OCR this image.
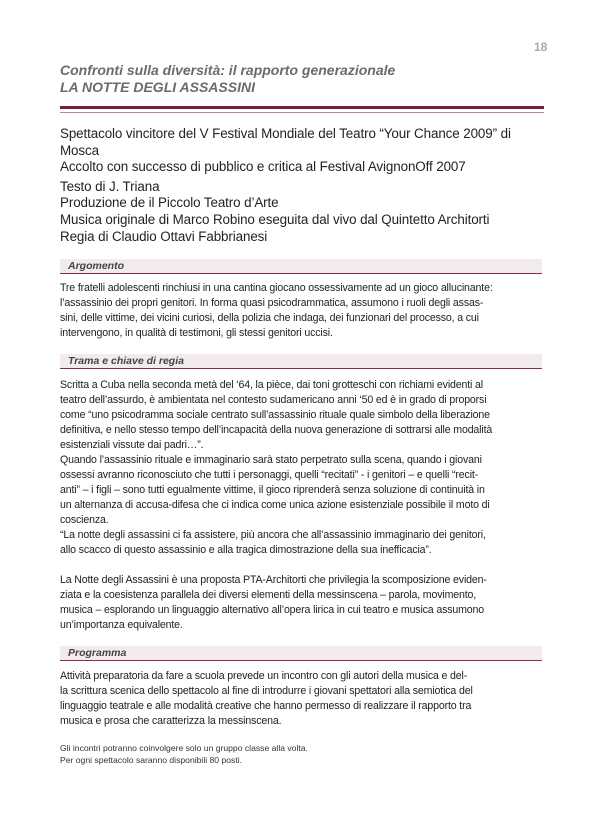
18
Confronti sulla diversità: il rapporto generazionale
LA NOTTE DEGLI ASSASSINI
Spettacolo vincitore del V Festival Mondiale del Teatro “Your Chance 2009” di
Mosca
Accolto con successo di pubblico e critica al Festival AvignonOff 2007
Testo di J. Triana
Produzione de il Piccolo Teatro d’Arte
Musica originale di Marco Robino eseguita dal vivo dal Quintetto Architorti
Regia di Claudio Ottavi Fabbrianesi
Argomento

Tre fratelli adolescenti rinchiusi in una cantina giocano ossessivamente ad un gioco allucinante:

l’assassinio dei propri genitori. In forma quasi psicodrammatica, assumono i ruoli degli assas-

sini, delle vittime, dei vicini curiosi, della polizia che indaga, dei funzionari del processo, a cui

intervengono, in qualità di testimoni, gli stessi genitori uccisi.

Trama e chiave di regia

Scritta a Cuba nella seconda metà del ‘64, la pièce, dai toni grotteschi con richiami evidenti al

teatro dell’assurdo, è ambientata nel contesto sudamericano anni ‘50 ed è in grado di proporsi

come “uno psicodramma sociale centrato sull’assassinio rituale quale simbolo della liberazione

definitiva, e nello stesso tempo dell’incapacità della nuova generazione di sottrarsi alle modalità

esistenziali vissute dai padri…”.

Quando l’assassinio rituale e immaginario sarà stato perpetrato sulla scena, quando i giovani

ossessi avranno riconosciuto che tutti i personaggi, quelli “recitati” - i genitori – e quelli “recit-

anti” – i figli – sono tutti egualmente vittime, il gioco riprenderà senza soluzione di continuità in

un alternanza di accusa-difesa che ci indica come unica azione esistenziale possibile il moto di

coscienza.

“La notte degli assassini ci fa assistere, più ancora che all’assassinio immaginario dei genitori,

allo scacco di questo assassinio e alla tragica dimostrazione della sua inefficacia”.

La Notte degli Assassini è una proposta PTA-Architorti che privilegia la scomposizione eviden-

ziata e la coesistenza parallela dei diversi elementi della messinscena – parola, movimento,

musica – esplorando un linguaggio alternativo all’opera lirica in cui teatro e musica assumono

un’importanza equivalente.

Programma

Attività preparatoria da fare a scuola prevede un incontro con gli autori della musica e del-

la scrittura scenica dello spettacolo al fine di introdurre i giovani spettatori alla semiotica del

linguaggio teatrale e alle modalità creative che hanno permesso di realizzare il rapporto tra

musica e prosa che caratterizza la messinscena.

Gli incontri potranno coinvolgere solo un gruppo classe alla volta.
Per ogni spettacolo saranno disponibili 80 posti.
